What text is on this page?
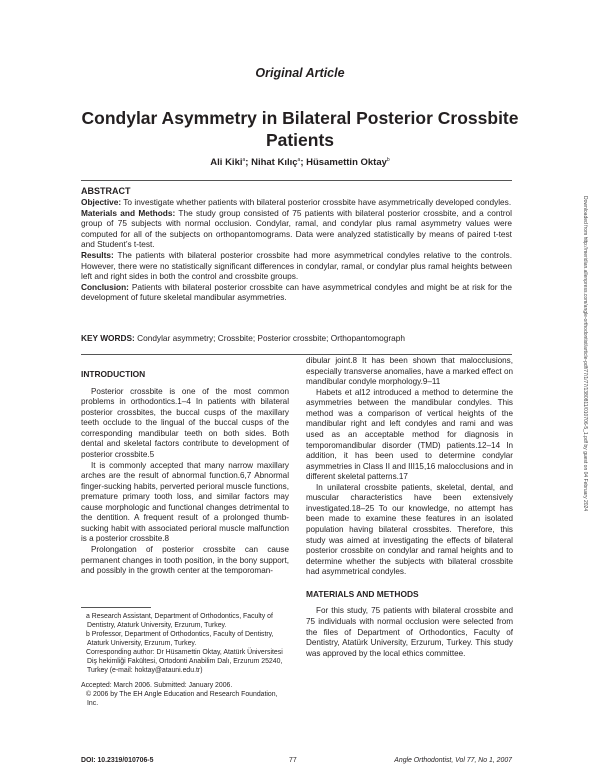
Original Article
Condylar Asymmetry in Bilateral Posterior Crossbite Patients
Ali Kiki$^a$; Nihat Kılıç$^a$; Hüsamettin Oktay$^b$
ABSTRACT

Objective: To investigate whether patients with bilateral posterior crossbite have asymmetrically developed condyles.

Materials and Methods: The study group consisted of 75 patients with bilateral posterior crossbite, and a control group of 75 subjects with normal occlusion. Condylar, ramal, and condylar plus ramal asymmetry values were computed for all of the subjects on orthopantomograms. Data were analyzed statistically by means of paired t-test and Student’s t-test.

Results: The patients with bilateral posterior crossbite had more asymmetrical condyles relative to the controls. However, there were no statistically significant differences in condylar, ramal, or condylar plus ramal heights between left and right sides in both the control and crossbite groups.

Conclusion: Patients with bilateral posterior crossbite can have asymmetrical condyles and might be at risk for the development of future skeletal mandibular asymmetries.

KEY WORDS: Condylar asymmetry; Crossbite; Posterior crossbite; Orthopantomograph
INTRODUCTION

Posterior crossbite is one of the most common problems in orthodontics.1–4 In patients with bilateral posterior crossbites, the buccal cusps of the maxillary teeth occlude to the lingual of the buccal cusps of the corresponding mandibular teeth on both sides. Both dental and skeletal factors contribute to development of posterior crossbite.5

It is commonly accepted that many narrow maxillary arches are the result of abnormal function.6,7 Abnormal finger-sucking habits, perverted perioral muscle functions, premature primary tooth loss, and similar factors may cause morphologic and functional changes detrimental to the dentition. A frequent result of a prolonged thumb-sucking habit with associated perioral muscle malfunction is a posterior crossbite.8

Prolongation of posterior crossbite can cause permanent changes in tooth position, in the bony support, and possibly in the growth center at the temporoman-

a Research Assistant, Department of Orthodontics, Faculty of Dentistry, Ataturk University, Erzurum, Turkey.

b Professor, Department of Orthodontics, Faculty of Dentistry, Ataturk University, Erzurum, Turkey.

Corresponding author: Dr Hüsamettin Oktay, Atatürk Üniversitesi Diş hekimliği Fakültesi, Ortodonti Anabilim Dalı, Erzurum 25240, Turkey (e-mail: hoktay@atauni.edu.tr)

Accepted: March 2006. Submitted: January 2006.

© 2006 by The EH Angle Education and Research Foundation, Inc.

dibular joint.8 It has been shown that malocclusions, especially transverse anomalies, have a marked effect on mandibular condyle morphology.9–11

Habets et al12 introduced a method to determine the asymmetries between the mandibular condyles. This method was a comparison of vertical heights of the mandibular right and left condyles and rami and was used as an acceptable method for diagnosis in temporomandibular disorder (TMD) patients.12–14 In addition, it has been used to determine condylar asymmetries in Class II and III15,16 malocclusions and in different skeletal patterns.17

In unilateral crossbite patients, skeletal, dental, and muscular characteristics have been extensively investigated.18–25 To our knowledge, no attempt has been made to examine these features in an isolated population having bilateral crossbites. Therefore, this study was aimed at investigating the effects of bilateral posterior crossbite on condylar and ramal heights and to determine whether the subjects with bilateral crossbite had asymmetrical condyles.

MATERIALS AND METHODS

For this study, 75 patients with bilateral crossbite and 75 individuals with normal occlusion were selected from the files of Department of Orthodontics, Faculty of Dentistry, Atatürk University, Erzurum, Turkey. This study was approved by the local ethics committee.

DOI: 10.2319/010706-5	77	Angle Orthodontist, Vol 77, No 1, 2007
Downloaded from http://meridian.allenpress.com/angle-orthodontist/article-pdf/77/1/77/1380811/010706-5_1.pdf by guest on 04 February 2024
